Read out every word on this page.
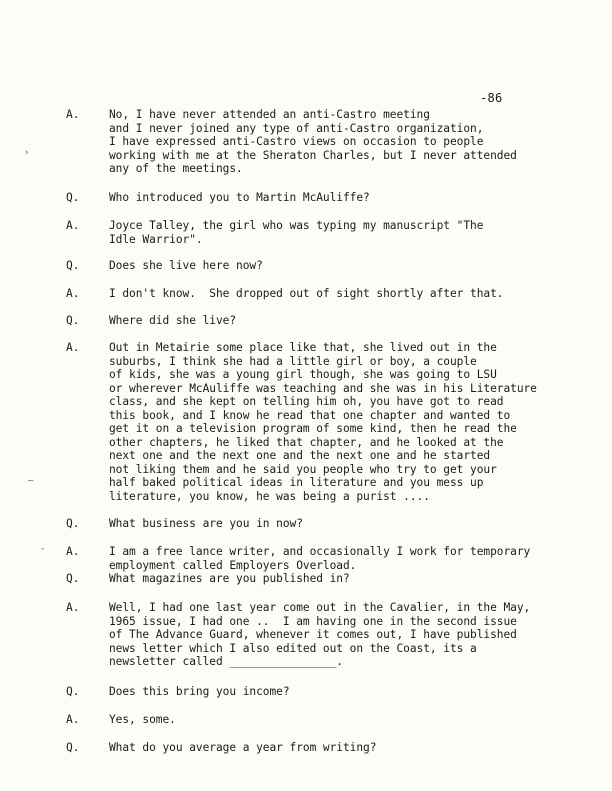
-86
›
—
-
A.	No, I have never attended an anti-Castro meeting
and I never joined any type of anti-Castro organization,
I have expressed anti-Castro views on occasion to people
working with me at the Sheraton Charles, but I never attended
any of the meetings.
Q.	Who introduced you to Martin McAuliffe?
A.	Joyce Talley, the girl who was typing my manuscript "The
Idle Warrior".
Q.	Does she live here now?
A.	I don't know.  She dropped out of sight shortly after that.
Q.	Where did she live?
A.	Out in Metairie some place like that, she lived out in the
suburbs, I think she had a little girl or boy, a couple
of kids, she was a young girl though, she was going to LSU
or wherever McAuliffe was teaching and she was in his Literature
class, and she kept on telling him oh, you have got to read
this book, and I know he read that one chapter and wanted to
get it on a television program of some kind, then he read the
other chapters, he liked that chapter, and he looked at the
next one and the next one and the next one and he started
not liking them and he said you people who try to get your
half baked political ideas in literature and you mess up
literature, you know, he was being a purist ....
Q.	What business are you in now?
A.	I am a free lance writer, and occasionally I work for temporary
employment called Employers Overload.
Q.	What magazines are you published in?
A.	Well, I had one last year come out in the Cavalier, in the May,
1965 issue, I had one ..  I am having one in the second issue
of The Advance Guard, whenever it comes out, I have published
news letter which I also edited out on the Coast, its a
newsletter called ________________.
Q.	Does this bring you income?
A.	Yes, some.
Q.	What do you average a year from writing?
